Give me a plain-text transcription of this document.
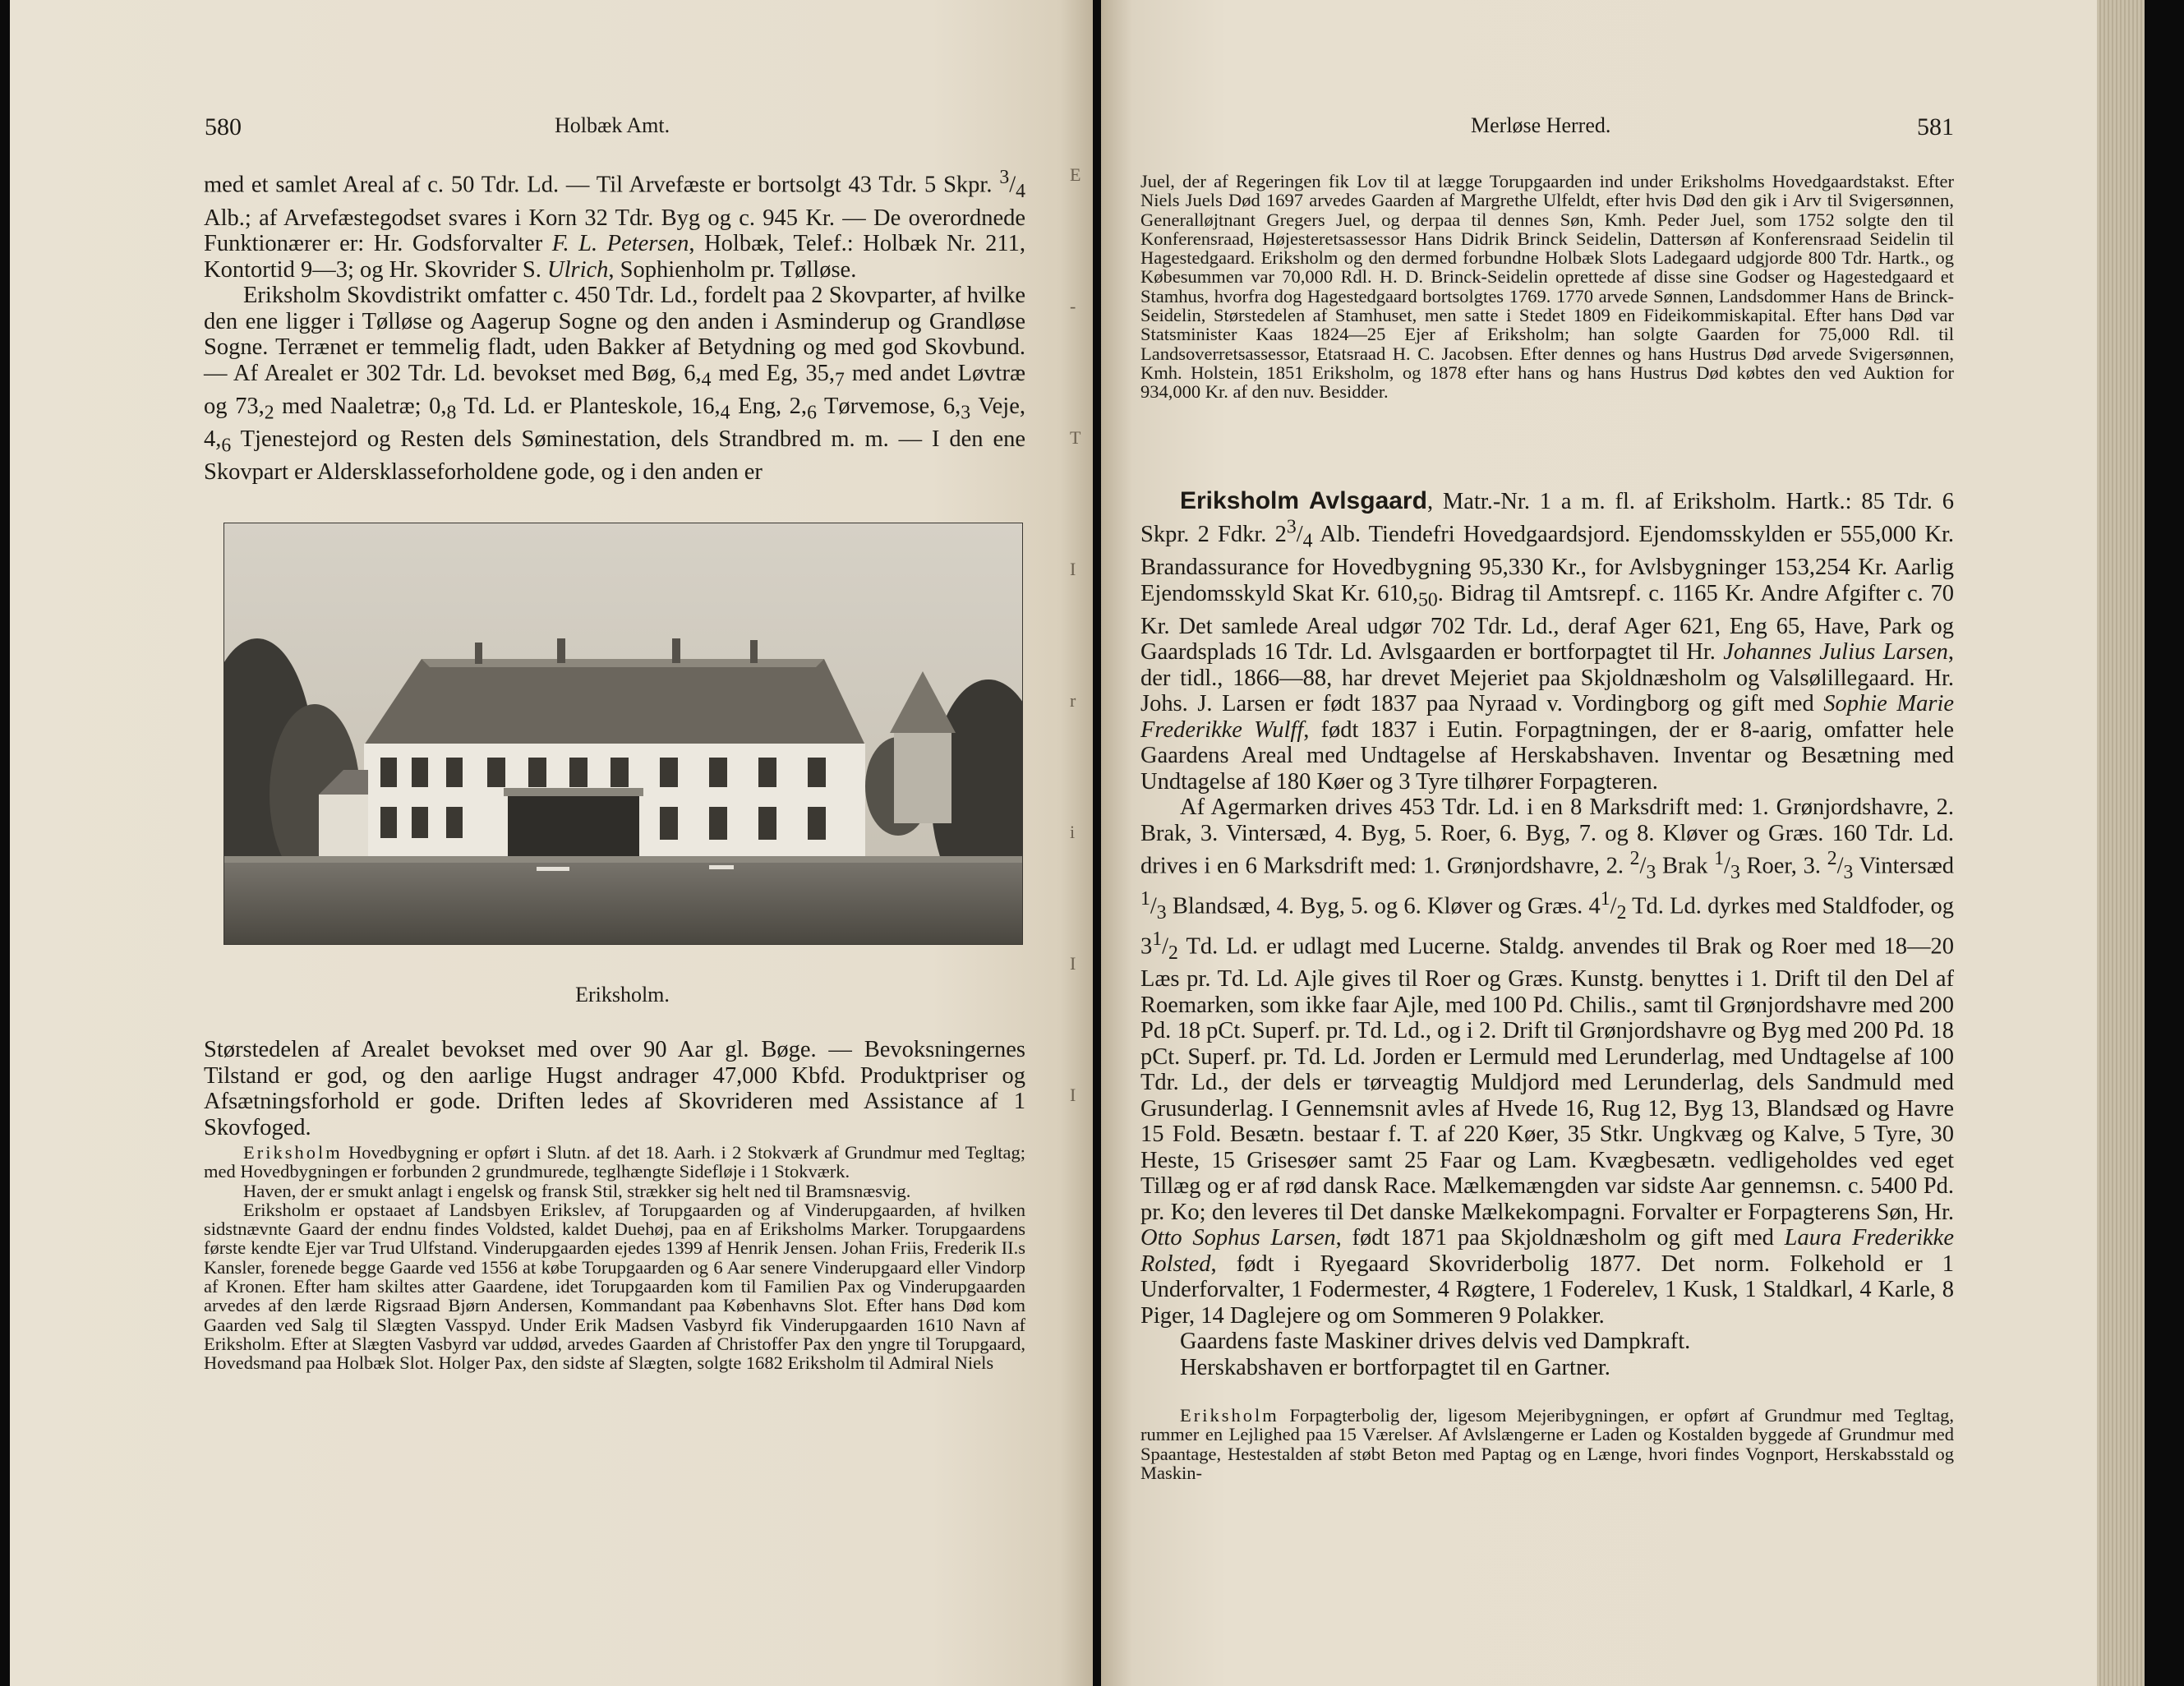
580	Holbæk Amt.

med et samlet Areal af c. 50 Tdr. Ld. — Til Arvefæste er bortsolgt 43 Tdr. 5 Skpr. $^3/_4$ Alb.; af Arvefæstegodset svares i Korn 32 Tdr. Byg og c. 945 Kr. — De overordnede Funktionærer er: Hr. Godsforvalter F. L. Petersen, Holbæk, Telef.: Holbæk Nr. 211, Kontortid 9—3; og Hr. Skovrider S. Ulrich, Sophienholm pr. Tølløse.

Eriksholm Skovdistrikt omfatter c. 450 Tdr. Ld., fordelt paa 2 Skovparter, af hvilke den ene ligger i Tølløse og Aagerup Sogne og den anden i Asminderup og Grandløse Sogne. Terrænet er temmelig fladt, uden Bakker af Betydning og med god Skovbund. — Af Arealet er 302 Tdr. Ld. bevokset med Bøg, $6,_4$ med Eg, $35,_7$ med andet Løvtræ og $73,_2$ med Naaletræ; $0,_8$ Td. Ld. er Planteskole, $16,_4$ Eng, $2,_6$ Tørvemose, $6,_3$ Veje, $4,_6$ Tjenestejord og Resten dels Søminestation, dels Strandbred m. m. — I den ene Skovpart er Aldersklasseforholdene gode, og i den anden er

Eriksholm.

Størstedelen af Arealet bevokset med over 90 Aar gl. Bøge. — Bevoksningernes Tilstand er god, og den aarlige Hugst andrager 47,000 Kbfd. Produktpriser og Afsætningsforhold er gode. Driften ledes af Skovrideren med Assistance af 1 Skovfoged.

Eriksholm Hovedbygning er opført i Slutn. af det 18. Aarh. i 2 Stokværk af Grundmur med Tegltag; med Hovedbygningen er forbunden 2 grundmurede, teglhængte Sidefløje i 1 Stokværk.

Haven, der er smukt anlagt i engelsk og fransk Stil, strækker sig helt ned til Bramsnæsvig.

Eriksholm er opstaaet af Landsbyen Erikslev, af Torupgaarden og af Vinderupgaarden, af hvilken sidstnævnte Gaard der endnu findes Voldsted, kaldet Duehøj, paa en af Eriksholms Marker. Torupgaardens første kendte Ejer var Trud Ulfstand. Vinderupgaarden ejedes 1399 af Henrik Jensen. Johan Friis, Frederik II.s Kansler, forenede begge Gaarde ved 1556 at købe Torupgaarden og 6 Aar senere Vinderupgaard eller Vindorp af Kronen. Efter ham skiltes atter Gaardene, idet Torupgaarden kom til Familien Pax og Vinderupgaarden arvedes af den lærde Rigsraad Bjørn Andersen, Kommandant paa Københavns Slot. Efter hans Død kom Gaarden ved Salg til Slægten Vasspyd. Under Erik Madsen Vasbyrd fik Vinderupgaarden 1610 Navn af Eriksholm. Efter at Slægten Vasbyrd var uddød, arvedes Gaarden af Christoffer Pax den yngre til Torupgaard, Hovedsmand paa Holbæk Slot. Holger Pax, den sidste af Slægten, solgte 1682 Eriksholm til Admiral Niels

E
-
T
I
r
i
I
I
Merløse Herred.	581

Juel, der af Regeringen fik Lov til at lægge Torupgaarden ind under Eriksholms Hovedgaardstakst. Efter Niels Juels Død 1697 arvedes Gaarden af Margrethe Ulfeldt, efter hvis Død den gik i Arv til Svigersønnen, Generalløjtnant Gregers Juel, og derpaa til dennes Søn, Kmh. Peder Juel, som 1752 solgte den til Konferensraad, Højesteretsassessor Hans Didrik Brinck Seidelin, Dattersøn af Konferensraad Seidelin til Hagestedgaard. Eriksholm og den dermed forbundne Holbæk Slots Ladegaard udgjorde 800 Tdr. Hartk., og Købesummen var 70,000 Rdl. H. D. Brinck-Seidelin oprettede af disse sine Godser og Hagestedgaard et Stamhus, hvorfra dog Hagestedgaard bortsolgtes 1769. 1770 arvede Sønnen, Landsdommer Hans de Brinck-Seidelin, Størstedelen af Stamhuset, men satte i Stedet 1809 en Fideikommiskapital. Efter hans Død var Statsminister Kaas 1824—25 Ejer af Eriksholm; han solgte Gaarden for 75,000 Rdl. til Landsoverretsassessor, Etatsraad H. C. Jacobsen. Efter dennes og hans Hustrus Død arvede Svigersønnen, Kmh. Holstein, 1851 Eriksholm, og 1878 efter hans og hans Hustrus Død købtes den ved Auktion for 934,000 Kr. af den nuv. Besidder.

Eriksholm Avlsgaard, Matr.-Nr. 1 a m. fl. af Eriksholm. Hartk.: 85 Tdr. 6 Skpr. 2 Fdkr. $2^3/_4$ Alb. Tiendefri Hovedgaardsjord. Ejendomsskylden er 555,000 Kr. Brandassurance for Hovedbygning 95,330 Kr., for Avlsbygninger 153,254 Kr. Aarlig Ejendomsskyld Skat Kr. $610,_{50}$. Bidrag til Amtsrepf. c. 1165 Kr. Andre Afgifter c. 70 Kr. Det samlede Areal udgør 702 Tdr. Ld., deraf Ager 621, Eng 65, Have, Park og Gaardsplads 16 Tdr. Ld. Avlsgaarden er bortforpagtet til Hr. Johannes Julius Larsen, der tidl., 1866—88, har drevet Mejeriet paa Skjoldnæsholm og Valsølillegaard. Hr. Johs. J. Larsen er født 1837 paa Nyraad v. Vordingborg og gift med Sophie Marie Frederikke Wulff, født 1837 i Eutin. Forpagtningen, der er 8-aarig, omfatter hele Gaardens Areal med Undtagelse af Herskabshaven. Inventar og Besætning med Undtagelse af 180 Køer og 3 Tyre tilhører Forpagteren.

Af Agermarken drives 453 Tdr. Ld. i en 8 Marksdrift med: 1. Grønjordshavre, 2. Brak, 3. Vintersæd, 4. Byg, 5. Roer, 6. Byg, 7. og 8. Kløver og Græs. 160 Tdr. Ld. drives i en 6 Marksdrift med: 1. Grønjordshavre, 2. $^2/_3$ Brak $^1/_3$ Roer, 3. $^2/_3$ Vintersæd $^1/_3$ Blandsæd, 4. Byg, 5. og 6. Kløver og Græs. $4^1/_2$ Td. Ld. dyrkes med Staldfoder, og $3^1/_2$ Td. Ld. er udlagt med Lucerne. Staldg. anvendes til Brak og Roer med 18—20 Læs pr. Td. Ld. Ajle gives til Roer og Græs. Kunstg. benyttes i 1. Drift til den Del af Roemarken, som ikke faar Ajle, med 100 Pd. Chilis., samt til Grønjordshavre med 200 Pd. 18 pCt. Superf. pr. Td. Ld., og i 2. Drift til Grønjordshavre og Byg med 200 Pd. 18 pCt. Superf. pr. Td. Ld. Jorden er Lermuld med Lerunderlag, med Undtagelse af 100 Tdr. Ld., der dels er tørveagtig Muldjord med Lerunderlag, dels Sandmuld med Grusunderlag. I Gennemsnit avles af Hvede 16, Rug 12, Byg 13, Blandsæd og Havre 15 Fold. Besætn. bestaar f. T. af 220 Køer, 35 Stkr. Ungkvæg og Kalve, 5 Tyre, 30 Heste, 15 Grisesøer samt 25 Faar og Lam. Kvægbesætn. vedligeholdes ved eget Tillæg og er af rød dansk Race. Mælkemængden var sidste Aar gennemsn. c. 5400 Pd. pr. Ko; den leveres til Det danske Mælkekompagni. Forvalter er Forpagterens Søn, Hr. Otto Sophus Larsen, født 1871 paa Skjoldnæsholm og gift med Laura Frederikke Rolsted, født i Ryegaard Skovriderbolig 1877. Det norm. Folkehold er 1 Underforvalter, 1 Fodermester, 4 Røgtere, 1 Foderelev, 1 Kusk, 1 Staldkarl, 4 Karle, 8 Piger, 14 Daglejere og om Sommeren 9 Polakker.

Gaardens faste Maskiner drives delvis ved Dampkraft.

Herskabshaven er bortforpagtet til en Gartner.

Eriksholm Forpagterbolig der, ligesom Mejeribygningen, er opført af Grundmur med Tegltag, rummer en Lejlighed paa 15 Værelser. Af Avlslængerne er Laden og Kostalden byggede af Grundmur med Spaantage, Hestestalden af støbt Beton med Paptag og en Længe, hvori findes Vognport, Herskabsstald og Maskin-
